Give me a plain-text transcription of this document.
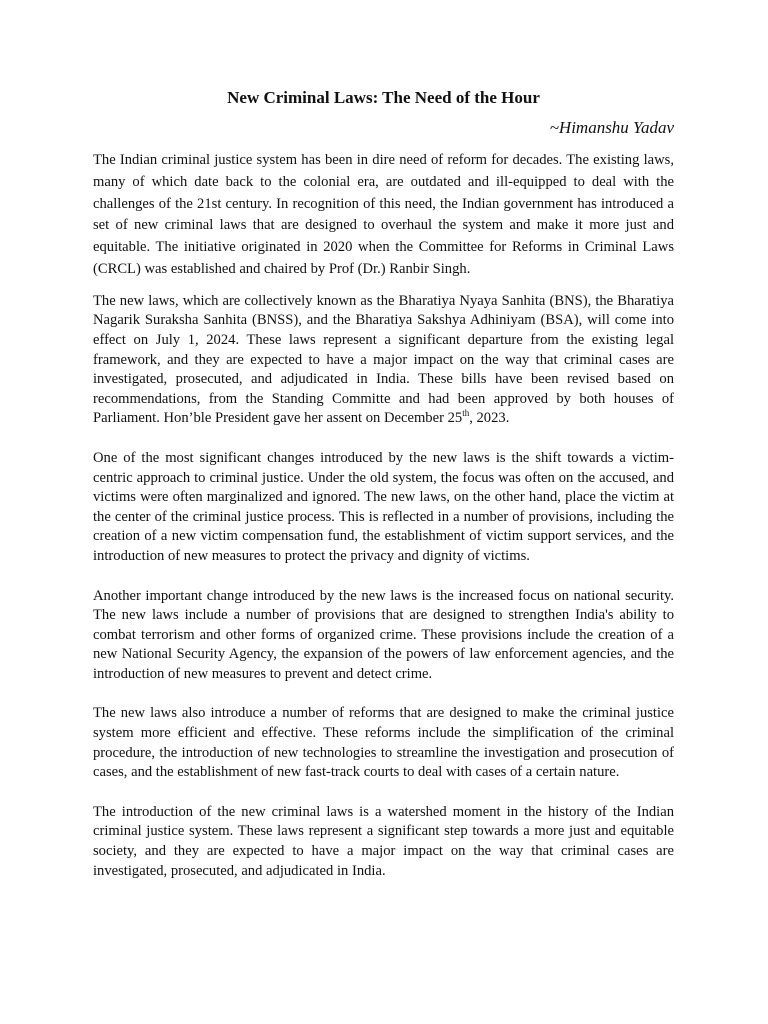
New Criminal Laws: The Need of the Hour
~Himanshu Yadav

The Indian criminal justice system has been in dire need of reform for decades. The existing laws, many of which date back to the colonial era, are outdated and ill-equipped to deal with the challenges of the 21st century. In recognition of this need, the Indian government has introduced a set of new criminal laws that are designed to overhaul the system and make it more just and equitable. The initiative originated in 2020 when the Committee for Reforms in Criminal Laws (CRCL) was established and chaired by Prof (Dr.) Ranbir Singh.

The new laws, which are collectively known as the Bharatiya Nyaya Sanhita (BNS), the Bharatiya Nagarik Suraksha Sanhita (BNSS), and the Bharatiya Sakshya Adhiniyam (BSA), will come into effect on July 1, 2024. These laws represent a significant departure from the existing legal framework, and they are expected to have a major impact on the way that criminal cases are investigated, prosecuted, and adjudicated in India. These bills have been revised based on recommendations, from the Standing Committe and had been approved by both houses of Parliament. Hon’ble President gave her assent on December 25th, 2023.

One of the most significant changes introduced by the new laws is the shift towards a victim-centric approach to criminal justice. Under the old system, the focus was often on the accused, and victims were often marginalized and ignored. The new laws, on the other hand, place the victim at the center of the criminal justice process. This is reflected in a number of provisions, including the creation of a new victim compensation fund, the establishment of victim support services, and the introduction of new measures to protect the privacy and dignity of victims.

Another important change introduced by the new laws is the increased focus on national security. The new laws include a number of provisions that are designed to strengthen India's ability to combat terrorism and other forms of organized crime. These provisions include the creation of a new National Security Agency, the expansion of the powers of law enforcement agencies, and the introduction of new measures to prevent and detect crime.

The new laws also introduce a number of reforms that are designed to make the criminal justice system more efficient and effective. These reforms include the simplification of the criminal procedure, the introduction of new technologies to streamline the investigation and prosecution of cases, and the establishment of new fast-track courts to deal with cases of a certain nature.

The introduction of the new criminal laws is a watershed moment in the history of the Indian criminal justice system. These laws represent a significant step towards a more just and equitable society, and they are expected to have a major impact on the way that criminal cases are investigated, prosecuted, and adjudicated in India.
